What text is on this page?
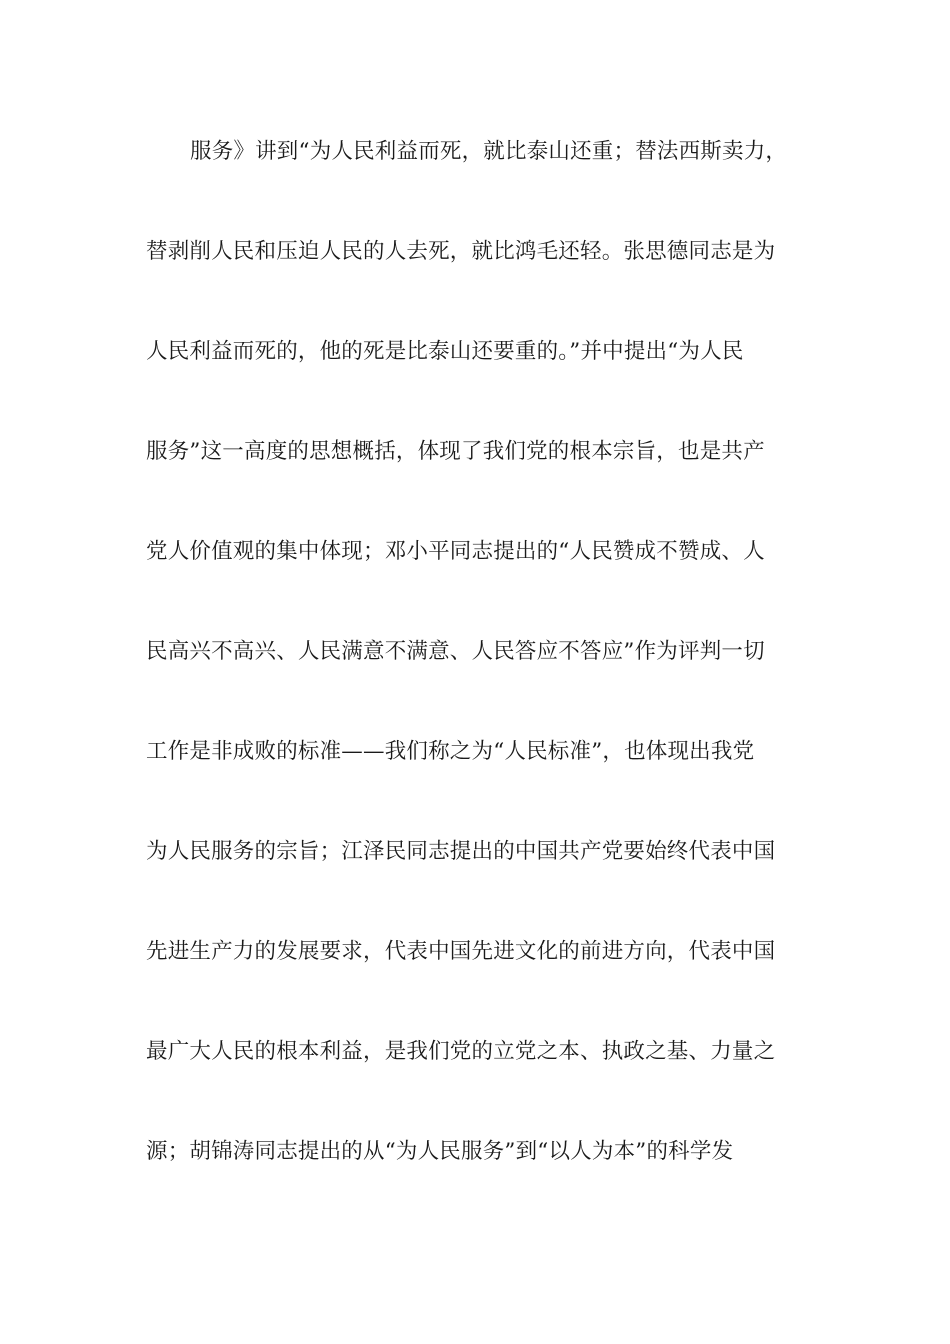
服务》讲到“为人民利益而死，就比泰山还重；替法西斯卖力，
替剥削人民和压迫人民的人去死，就比鸿毛还轻。张思德同志是为
人民利益而死的，他的死是比泰山还要重的。”并中提出“为人民
服务”这一高度的思想概括，体现了我们党的根本宗旨，也是共产
党人价值观的集中体现；邓小平同志提出的“人民赞成不赞成、人
民高兴不高兴、人民满意不满意、人民答应不答应”作为评判一切
工作是非成败的标准——我们称之为“人民标准”，也体现出我党
为人民服务的宗旨；江泽民同志提出的中国共产党要始终代表中国
先进生产力的发展要求，代表中国先进文化的前进方向，代表中国
最广大人民的根本利益，是我们党的立党之本、执政之基、力量之
源；胡锦涛同志提出的从“为人民服务”到“以人为本”的科学发
